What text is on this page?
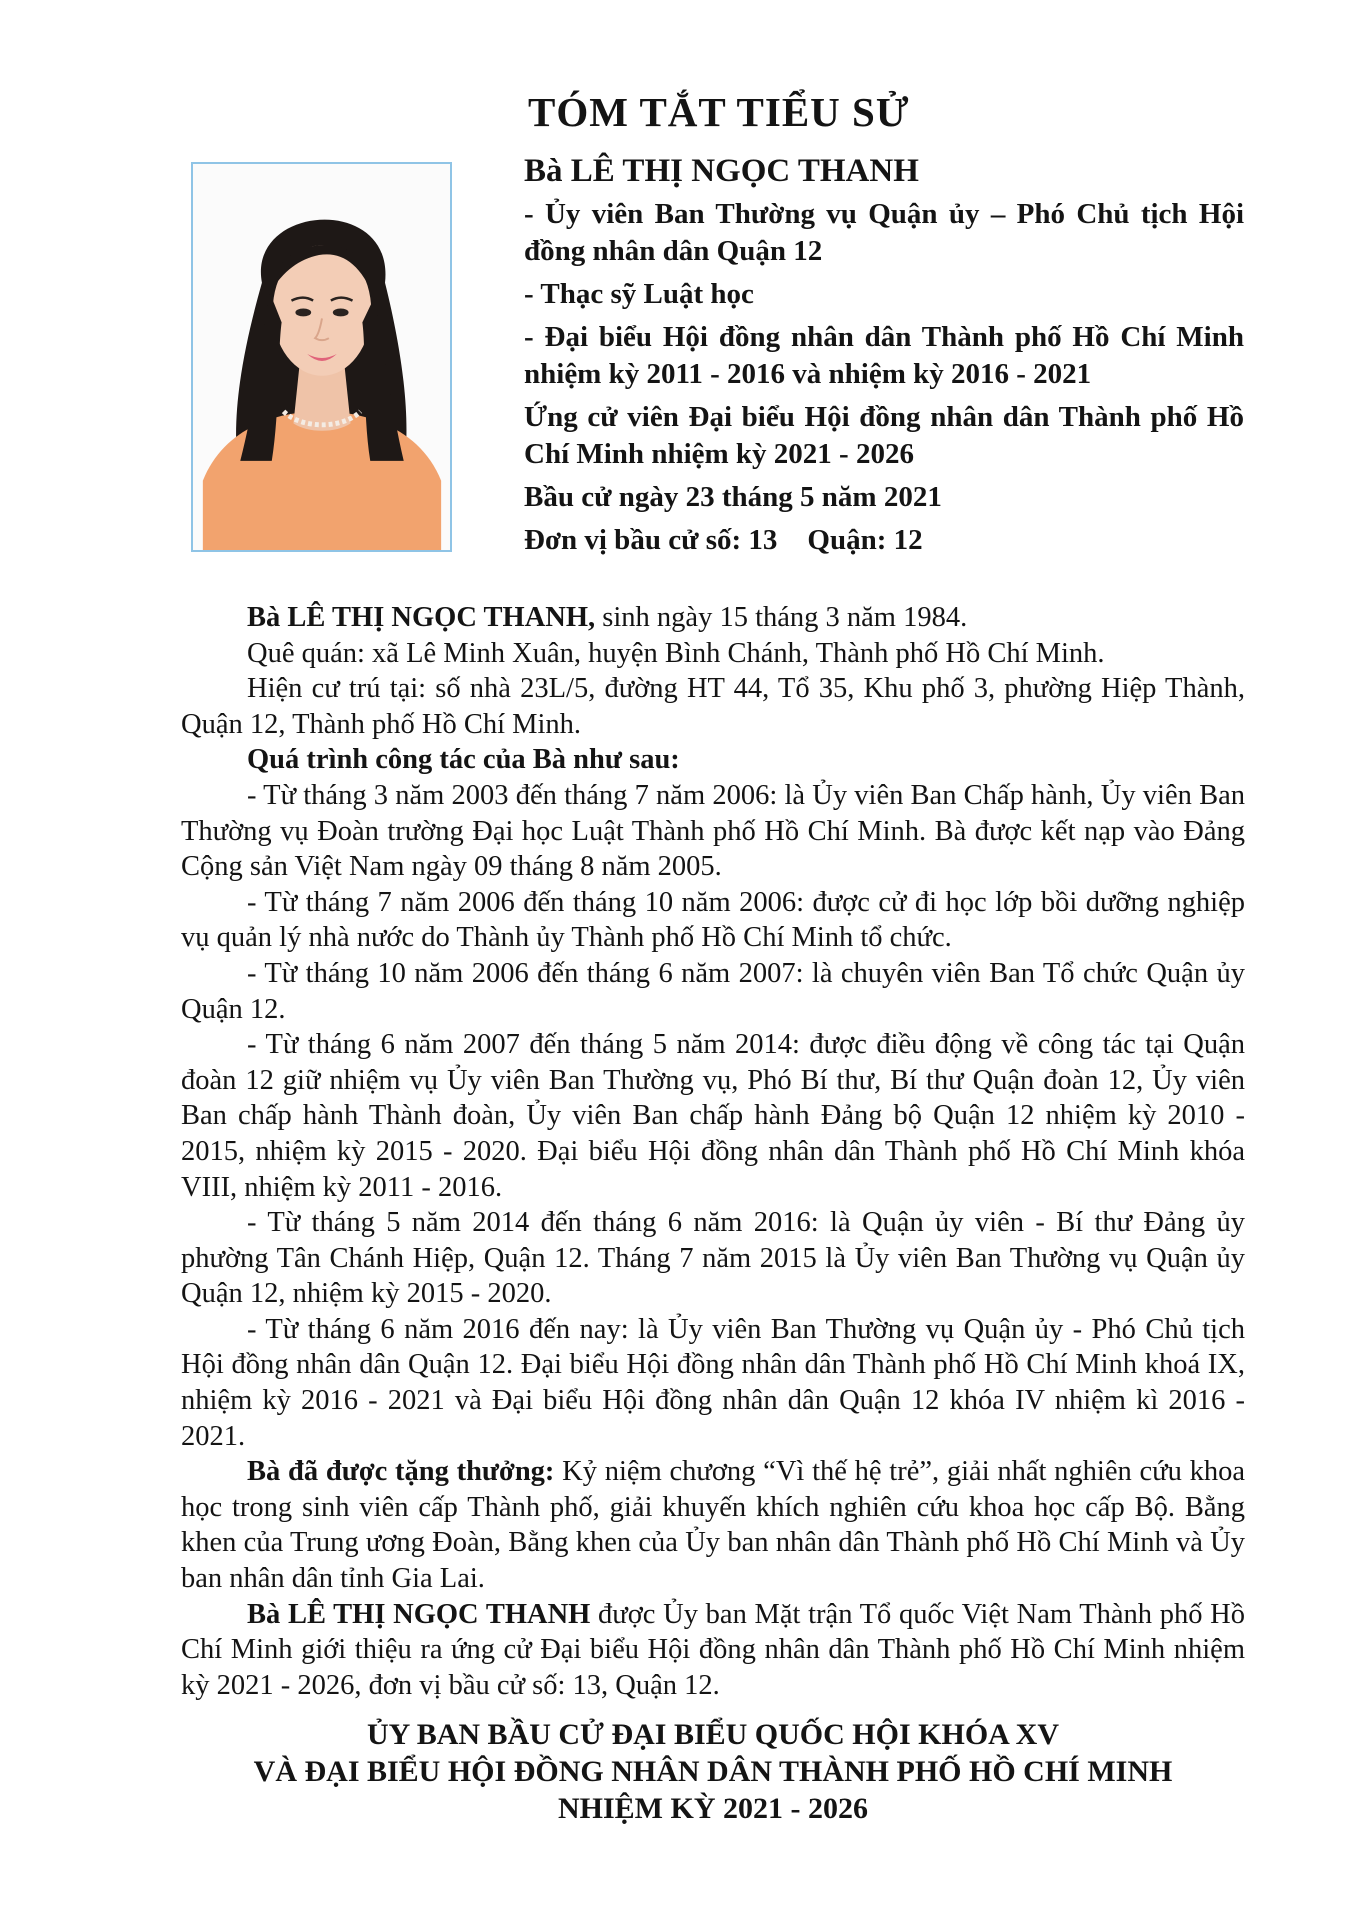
TÓM TẮT TIỂU SỬ
Bà LÊ THỊ NGỌC THANH

- Ủy viên Ban Thường vụ Quận ủy – Phó Chủ tịch Hội đồng nhân dân Quận 12

- Thạc sỹ Luật học

- Đại biểu Hội đồng nhân dân Thành phố Hồ Chí Minh nhiệm kỳ 2011 - 2016 và nhiệm kỳ 2016 - 2021

Ứng cử viên Đại biểu Hội đồng nhân dân Thành phố Hồ Chí Minh nhiệm kỳ 2021 - 2026

Bầu cử ngày 23 tháng 5 năm 2021

Đơn vị bầu cử số: 13 Quận: 12

Bà LÊ THỊ NGỌC THANH, sinh ngày 15 tháng 3 năm 1984.

Quê quán: xã Lê Minh Xuân, huyện Bình Chánh, Thành phố Hồ Chí Minh.

Hiện cư trú tại: số nhà 23L/5, đường HT 44, Tổ 35, Khu phố 3, phường Hiệp Thành, Quận 12, Thành phố Hồ Chí Minh.

Quá trình công tác của Bà như sau:

- Từ tháng 3 năm 2003 đến tháng 7 năm 2006: là Ủy viên Ban Chấp hành, Ủy viên Ban Thường vụ Đoàn trường Đại học Luật Thành phố Hồ Chí Minh. Bà được kết nạp vào Đảng Cộng sản Việt Nam ngày 09 tháng 8 năm 2005.

- Từ tháng 7 năm 2006 đến tháng 10 năm 2006: được cử đi học lớp bồi dưỡng nghiệp vụ quản lý nhà nước do Thành ủy Thành phố Hồ Chí Minh tổ chức.

- Từ tháng 10 năm 2006 đến tháng 6 năm 2007: là chuyên viên Ban Tổ chức Quận ủy Quận 12.

- Từ tháng 6 năm 2007 đến tháng 5 năm 2014: được điều động về công tác tại Quận đoàn 12 giữ nhiệm vụ Ủy viên Ban Thường vụ, Phó Bí thư, Bí thư Quận đoàn 12, Ủy viên Ban chấp hành Thành đoàn, Ủy viên Ban chấp hành Đảng bộ Quận 12 nhiệm kỳ 2010 - 2015, nhiệm kỳ 2015 - 2020. Đại biểu Hội đồng nhân dân Thành phố Hồ Chí Minh khóa VIII, nhiệm kỳ 2011 - 2016.

- Từ tháng 5 năm 2014 đến tháng 6 năm 2016: là Quận ủy viên - Bí thư Đảng ủy phường Tân Chánh Hiệp, Quận 12. Tháng 7 năm 2015 là Ủy viên Ban Thường vụ Quận ủy Quận 12, nhiệm kỳ 2015 - 2020.

- Từ tháng 6 năm 2016 đến nay: là Ủy viên Ban Thường vụ Quận ủy - Phó Chủ tịch Hội đồng nhân dân Quận 12. Đại biểu Hội đồng nhân dân Thành phố Hồ Chí Minh khoá IX, nhiệm kỳ 2016 - 2021 và Đại biểu Hội đồng nhân dân Quận 12 khóa IV nhiệm kì 2016 - 2021.

Bà đã được tặng thưởng: Kỷ niệm chương “Vì thế hệ trẻ”, giải nhất nghiên cứu khoa học trong sinh viên cấp Thành phố, giải khuyến khích nghiên cứu khoa học cấp Bộ. Bằng khen của Trung ương Đoàn, Bằng khen của Ủy ban nhân dân Thành phố Hồ Chí Minh và Ủy ban nhân dân tỉnh Gia Lai.

Bà LÊ THỊ NGỌC THANH được Ủy ban Mặt trận Tổ quốc Việt Nam Thành phố Hồ Chí Minh giới thiệu ra ứng cử Đại biểu Hội đồng nhân dân Thành phố Hồ Chí Minh nhiệm kỳ 2021 - 2026, đơn vị bầu cử số: 13, Quận 12.

ỦY BAN BẦU CỬ ĐẠI BIỂU QUỐC HỘI KHÓA XV
VÀ ĐẠI BIỂU HỘI ĐỒNG NHÂN DÂN THÀNH PHỐ HỒ CHÍ MINH
NHIỆM KỲ 2021 - 2026
